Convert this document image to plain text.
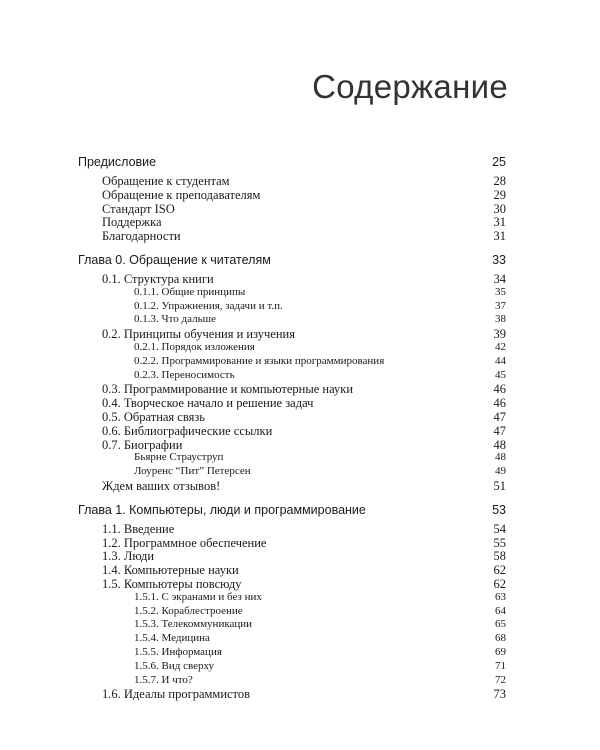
Содержание
Предисловие	25
Обращение к студентам	28
Обращение к преподавателям	29
Стандарт ISO	30
Поддержка	31
Благодарности	31
Глава 0. Обращение к читателям	33
0.1. Структура книги	34
0.1.1. Общие принципы	35
0.1.2. Упражнения, задачи и т.п.	37
0.1.3. Что дальше	38
0.2. Принципы обучения и изучения	39
0.2.1. Порядок изложения	42
0.2.2. Программирование и языки программирования	44
0.2.3. Переносимость	45
0.3. Программирование и компьютерные науки	46
0.4. Творческое начало и решение задач	46
0.5. Обратная связь	47
0.6. Библиографические ссылки	47
0.7. Биографии	48
Бьярне Страуструп	48
Лоуренс “Пит” Петерсен	49
Ждем ваших отзывов!	51
Глава 1. Компьютеры, люди и программирование	53
1.1. Введение	54
1.2. Программное обеспечение	55
1.3. Люди	58
1.4. Компьютерные науки	62
1.5. Компьютеры повсюду	62
1.5.1. С экранами и без них	63
1.5.2. Кораблестроение	64
1.5.3. Телекоммуникации	65
1.5.4. Медицина	68
1.5.5. Информация	69
1.5.6. Вид сверху	71
1.5.7. И что?	72
1.6. Идеалы программистов	73
